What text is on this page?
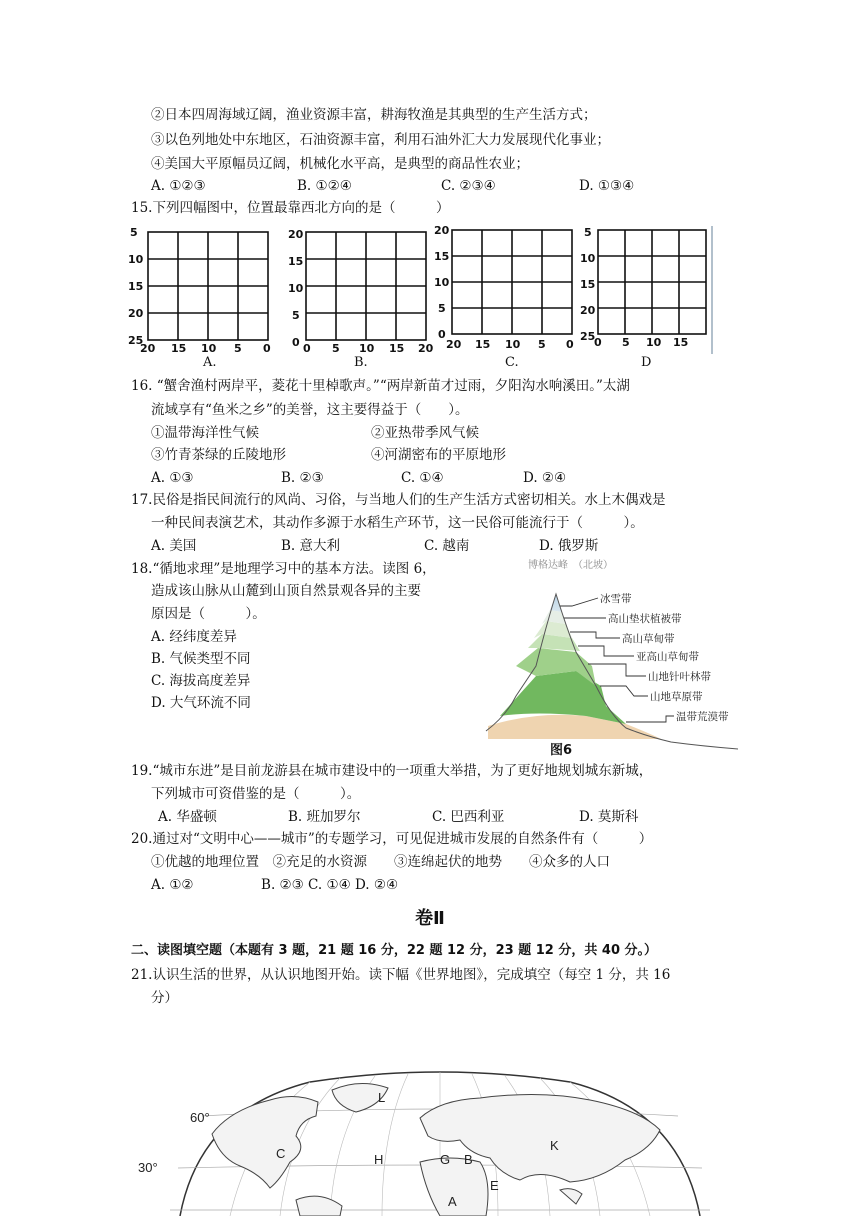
②日本四周海域辽阔，渔业资源丰富，耕海牧渔是其典型的生产生活方式；
③以色列地处中东地区，石油资源丰富，利用石油外汇大力发展现代化事业；
④美国大平原幅员辽阔，机械化水平高，是典型的商品性农业；
A. ①②③	B. ①②④	C. ②③④	D. ①③④
15.下列四幅图中，位置最靠西北方向的是（　　　）
5
10
15
20
25
20 15 10 5 0
A.
20
15
10
5
0 0 5 10 15 20
B.
20
15
10
5
0
20 15 10 5 0
C.
5
10
15
20
25
0 5 10 15
D
16. “蟹舍渔村两岸平，菱花十里棹歌声。”“两岸新苗才过雨，夕阳沟水响溪田。”太湖
流域享有“鱼米之乡”的美誉，这主要得益于（　　）。
①温带海洋性气候	②亚热带季风气候
③竹青茶绿的丘陵地形	④河湖密布的平原地形
A. ①③	B. ②③	C. ①④	D. ②④
17.民俗是指民间流行的风尚、习俗，与当地人们的生产生活方式密切相关。水上木偶戏是
一种民间表演艺术，其动作多源于水稻生产环节，这一民俗可能流行于（　　　）。
A. 美国	B. 意大利	C. 越南	D. 俄罗斯
18.“循地求理”是地理学习中的基本方法。读图 6，
造成该山脉从山麓到山顶自然景观各异的主要
原因是（　　　）。
A. 经纬度差异
B. 气候类型不同
C. 海拔高度差异
D. 大气环流不同
博格达峰　（北坡）
冰雪带
高山垫状植被带
高山草甸带
亚高山草甸带
山地针叶林带
山地草原带
温带荒漠带
图6
19.“城市东进”是目前龙游县在城市建设中的一项重大举措，为了更好地规划城东新城，
下列城市可资借鉴的是（　　　）。
A. 华盛顿	B. 班加罗尔	C. 巴西利亚	D. 莫斯科
20.通过对“文明中心——城市”的专题学习，可见促进城市发展的自然条件有（　　　）
①优越的地理位置　②充足的水资源　　③连绵起伏的地势　　④众多的人口
A. ①②　　　　　B. ②③ C. ①④ D. ②④
卷Ⅱ
二、读图填空题（本题有 3 题，21 题 16 分，22 题 12 分，23 题 12 分，共 40 分。）
21.认识生活的世界，从认识地图开始。读下幅《世界地图》，完成填空（每空 1 分，共 16
分）
60°
30°
L
C	H	G B
E
K
A
